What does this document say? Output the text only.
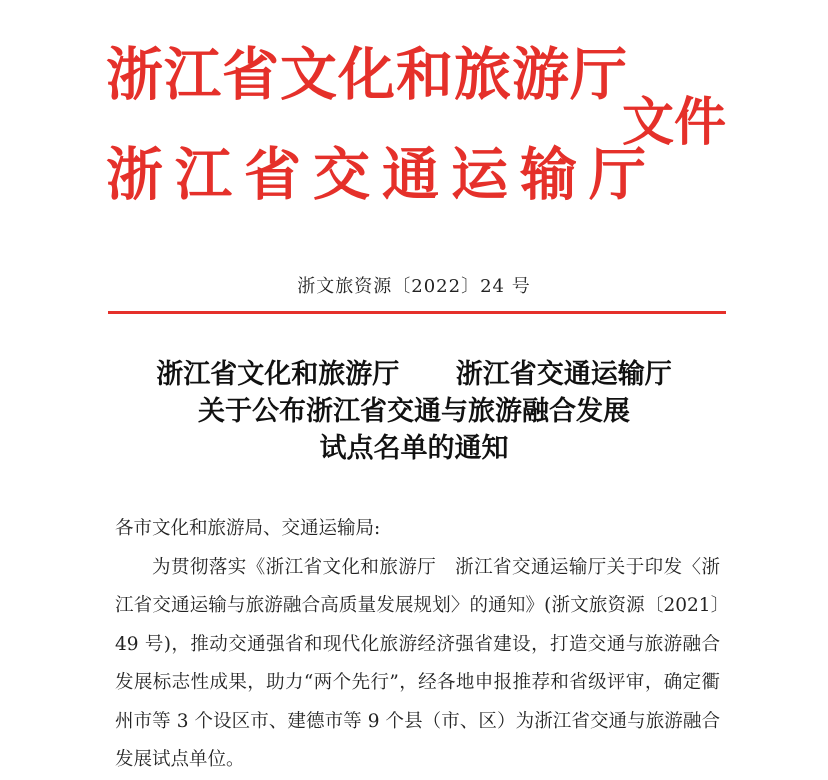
浙江省文化和旅游厅
浙江省交通运输厅
文件
浙文旅资源〔2022〕24 号
浙江省文化和旅游厅      浙江省交通运输厅
关于公布浙江省交通与旅游融合发展
试点名单的通知

各市文化和旅游局、交通运输局:

为贯彻落实《浙江省文化和旅游厅　浙江省交通运输厅关于印发〈浙江省交通运输与旅游融合高质量发展规划〉的通知》(浙文旅资源〔2021〕49 号)，推动交通强省和现代化旅游经济强省建设，打造交通与旅游融合发展标志性成果，助力“两个先行”，经各地申报推荐和省级评审，确定衢州市等 3 个设区市、建德市等 9 个县（市、区）为浙江省交通与旅游融合发展试点单位。
